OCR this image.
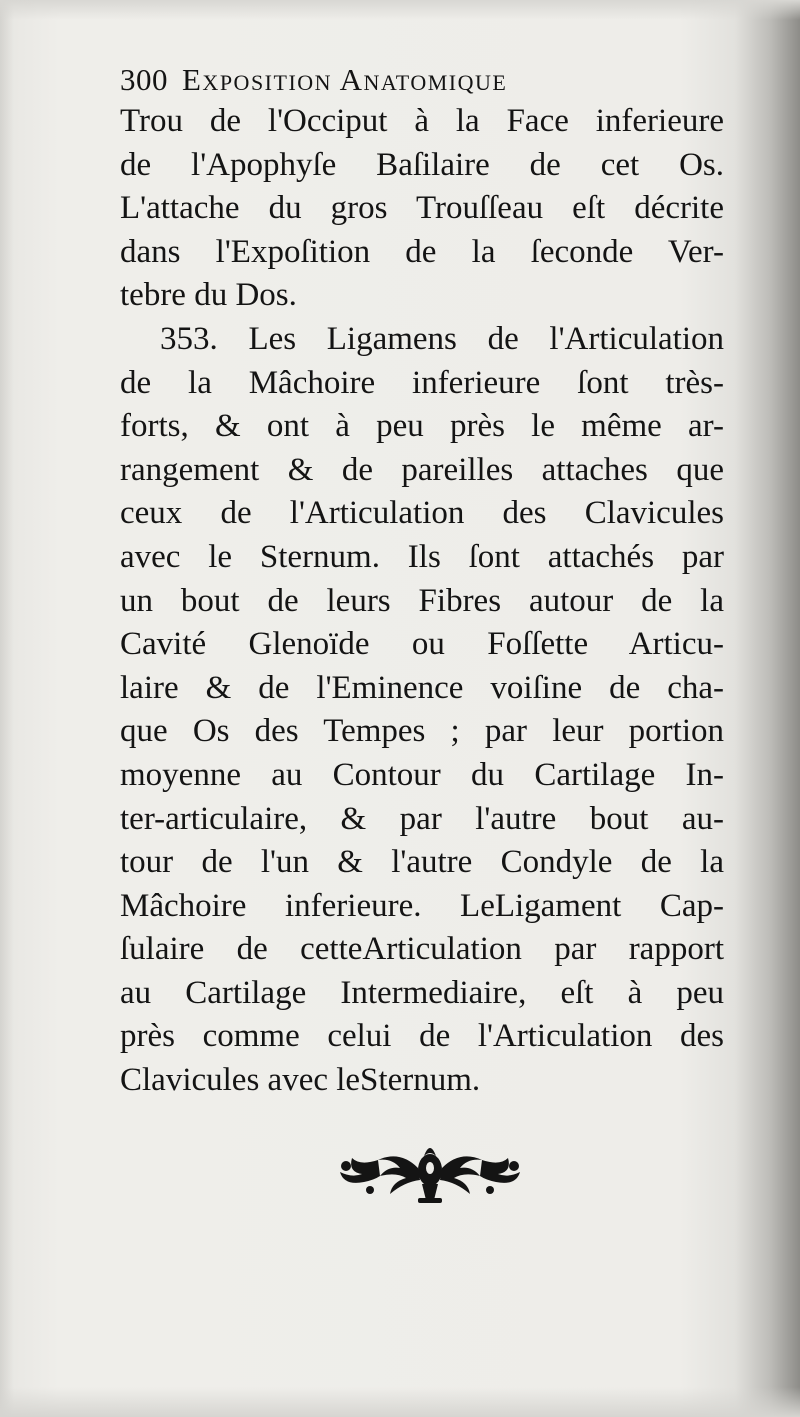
300 Exposition Anatomique
Trou de l'Occiput à la Face inferieure
de l'Apophyſe Baſilaire de cet Os.
L'attache du gros Trouſſeau eſt décrite
dans l'Expoſition de la ſeconde Ver-
tebre du Dos.
353. Les Ligamens de l'Articulation
de la Mâchoire inferieure ſont très-
forts, & ont à peu près le même ar-
rangement & de pareilles attaches que
ceux de l'Articulation des Clavicules
avec le Sternum. Ils ſont attachés par
un bout de leurs Fibres autour de la
Cavité Glenoïde ou Foſſette Articu-
laire & de l'Eminence voiſine de cha-
que Os des Tempes ; par leur portion
moyenne au Contour du Cartilage In-
ter-articulaire, & par l'autre bout au-
tour de l'un & l'autre Condyle de la
Mâchoire inferieure. LeLigament Cap-
ſulaire de cetteArticulation par rapport
au Cartilage Intermediaire, eſt à peu
près comme celui de l'Articulation des
Clavicules avec leSternum.
